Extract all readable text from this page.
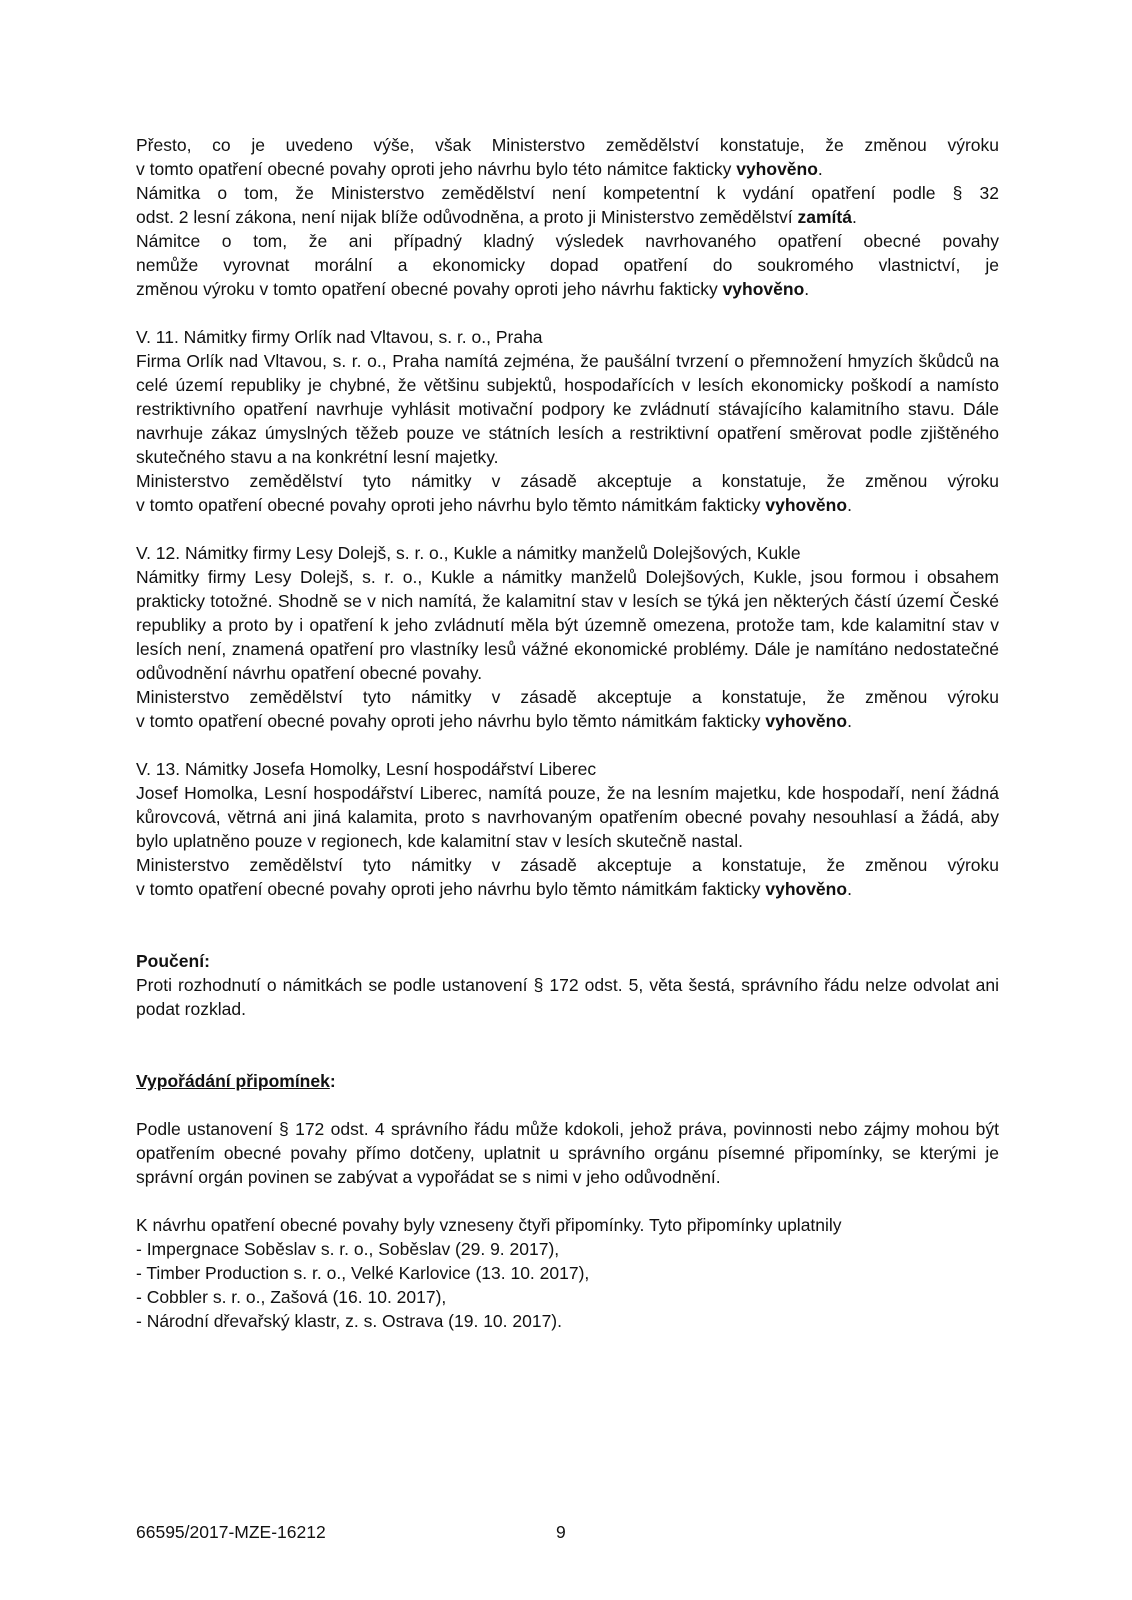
Přesto, co je uvedeno výše, však Ministerstvo zemědělství konstatuje, že změnou výroku

v tomto opatření obecné povahy oproti jeho návrhu bylo této námitce fakticky vyhověno.

Námitka o tom, že Ministerstvo zemědělství není kompetentní k vydání opatření podle § 32

odst. 2 lesní zákona, není nijak blíže odůvodněna, a proto ji Ministerstvo zemědělství zamítá.

Námitce o tom, že ani případný kladný výsledek navrhovaného opatření obecné povahy

nemůže vyrovnat morální a ekonomicky dopad opatření do soukromého vlastnictví, je

změnou výroku v tomto opatření obecné povahy oproti jeho návrhu fakticky vyhověno.

V. 11. Námitky firmy Orlík nad Vltavou, s. r. o., Praha

Firma Orlík nad Vltavou, s. r. o., Praha namítá zejména, že paušální tvrzení o přemnožení hmyzích škůdců na celé území republiky je chybné, že většinu subjektů, hospodařících v lesích ekonomicky poškodí a namísto restriktivního opatření navrhuje vyhlásit motivační podpory ke zvládnutí stávajícího kalamitního stavu. Dále navrhuje zákaz úmyslných těžeb pouze ve státních lesích a restriktivní opatření směrovat podle zjištěného skutečného stavu a na konkrétní lesní majetky.

Ministerstvo zemědělství tyto námitky v zásadě akceptuje a konstatuje, že změnou výroku

v tomto opatření obecné povahy oproti jeho návrhu bylo těmto námitkám fakticky vyhověno.

V. 12. Námitky firmy Lesy Dolejš, s. r. o., Kukle a námitky manželů Dolejšových, Kukle

Námitky firmy Lesy Dolejš, s. r. o., Kukle a námitky manželů Dolejšových, Kukle, jsou formou i obsahem prakticky totožné. Shodně se v nich namítá, že kalamitní stav v lesích se týká jen některých částí území České republiky a proto by i opatření k jeho zvládnutí měla být územně omezena, protože tam, kde kalamitní stav v lesích není, znamená opatření pro vlastníky lesů vážné ekonomické problémy. Dále je namítáno nedostatečné odůvodnění návrhu opatření obecné povahy.

Ministerstvo zemědělství tyto námitky v zásadě akceptuje a konstatuje, že změnou výroku

v tomto opatření obecné povahy oproti jeho návrhu bylo těmto námitkám fakticky vyhověno.

V. 13. Námitky Josefa Homolky, Lesní hospodářství Liberec

Josef Homolka, Lesní hospodářství Liberec, namítá pouze, že na lesním majetku, kde hospodaří, není žádná kůrovcová, větrná ani jiná kalamita, proto s navrhovaným opatřením obecné povahy nesouhlasí a žádá, aby bylo uplatněno pouze v regionech, kde kalamitní stav v lesích skutečně nastal.

Ministerstvo zemědělství tyto námitky v zásadě akceptuje a konstatuje, že změnou výroku

v tomto opatření obecné povahy oproti jeho návrhu bylo těmto námitkám fakticky vyhověno.

Poučení:

Proti rozhodnutí o námitkách se podle ustanovení § 172 odst. 5, věta šestá, správního řádu nelze odvolat ani podat rozklad.

Vypořádání připomínek:

Podle ustanovení § 172 odst. 4 správního řádu může kdokoli, jehož práva, povinnosti nebo zájmy mohou být opatřením obecné povahy přímo dotčeny, uplatnit u správního orgánu písemné připomínky, se kterými je správní orgán povinen se zabývat a vypořádat se s nimi v jeho odůvodnění.

K návrhu opatření obecné povahy byly vzneseny čtyři připomínky. Tyto připomínky uplatnily

- Impergnace Soběslav s. r. o., Soběslav (29. 9. 2017),
- Timber Production s. r. o., Velké Karlovice (13. 10. 2017),
- Cobbler s. r. o., Zašová (16. 10. 2017),
- Národní dřevařský klastr, z. s. Ostrava (19. 10. 2017).
66595/2017-MZE-16212	9
